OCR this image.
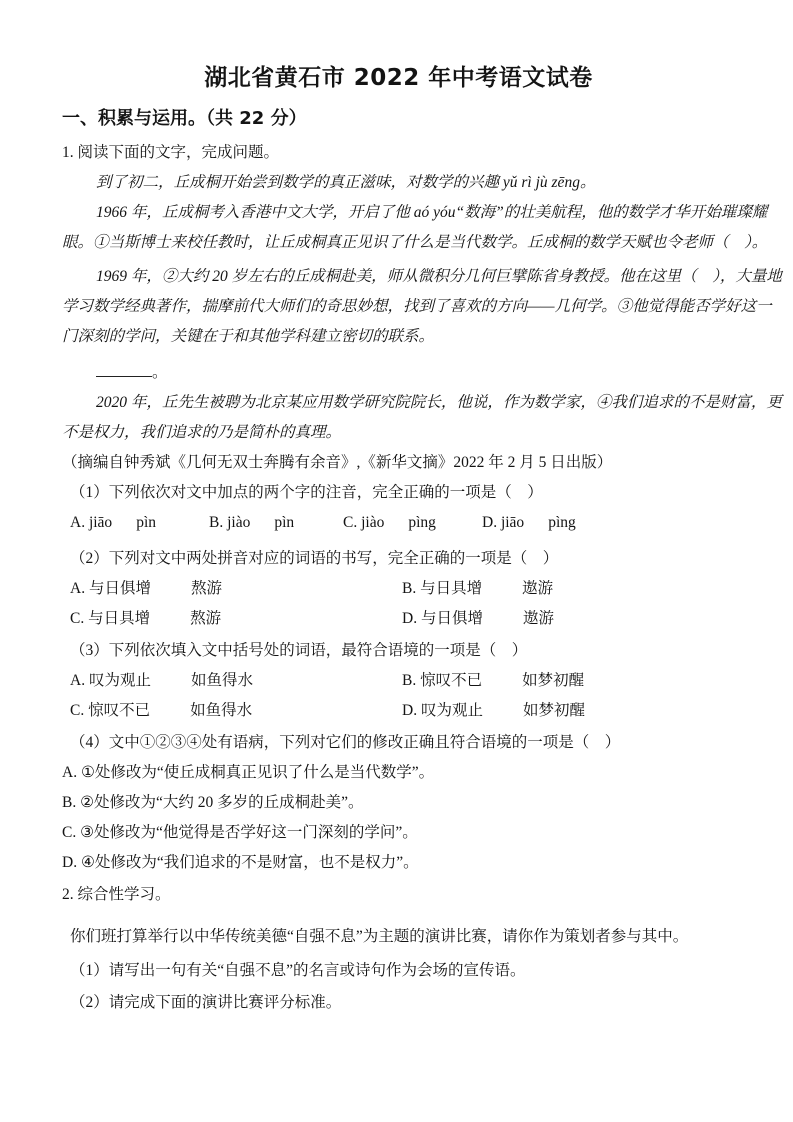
湖北省黄石市 2022 年中考语文试卷
一、积累与运用。（共 22 分）
1. 阅读下面的文字，完成问题。
到了初二，丘成桐开始尝到数学的真正滋味，对数学的兴趣 yǔ rì jù zēng。
1966 年，丘成桐考入香港中文大学，开启了他 aó yóu“数海”的壮美航程，他的数学才华开始璀璨耀
眼。①当斯博士来校任教时，让丘成桐真正见识了什么是当代数学。丘成桐的数学天赋也令老师（　）。
1969 年，②大约 20 岁左右的丘成桐赴美，师从微积分几何巨擘陈省身教授。他在这里（　），大量地
学习数学经典著作，揣摩前代大师们的奇思妙想，找到了喜欢的方向——几何学。③他觉得能否学好这一
门深刻的学问，关键在于和其他学科建立密切的联系。
。
2020 年，丘先生被聘为北京某应用数学研究院院长，他说，作为数学家，④我们追求的不是财富，更
不是权力，我们追求的乃是简朴的真理。
（摘编自钟秀斌《几何无双士奔腾有余音》,《新华文摘》2022 年 2 月 5 日出版）
（1）下列依次对文中加点的两个字的注音，完全正确的一项是（　）
A. jiāo pìn	B. jiào pìn	C. jiào pìng	D. jiāo pìng
（2）下列对文中两处拼音对应的词语的书写，完全正确的一项是（　）
A. 与日俱增	熬游	B. 与日具增	遨游
C. 与日具增	熬游	D. 与日俱增	遨游
（3）下列依次填入文中括号处的词语，最符合语境的一项是（　）
A. 叹为观止	如鱼得水	B. 惊叹不已	如梦初醒
C. 惊叹不已	如鱼得水	D. 叹为观止	如梦初醒
（4）文中①②③④处有语病，下列对它们的修改正确且符合语境的一项是（　）
A. ①处修改为“使丘成桐真正见识了什么是当代数学”。
B. ②处修改为“大约 20 多岁的丘成桐赴美”。
C. ③处修改为“他觉得是否学好这一门深刻的学问”。
D. ④处修改为“我们追求的不是财富，也不是权力”。
2. 综合性学习。
你们班打算举行以中华传统美德“自强不息”为主题的演讲比赛，请你作为策划者参与其中。
（1）请写出一句有关“自强不息”的名言或诗句作为会场的宣传语。
（2）请完成下面的演讲比赛评分标准。
